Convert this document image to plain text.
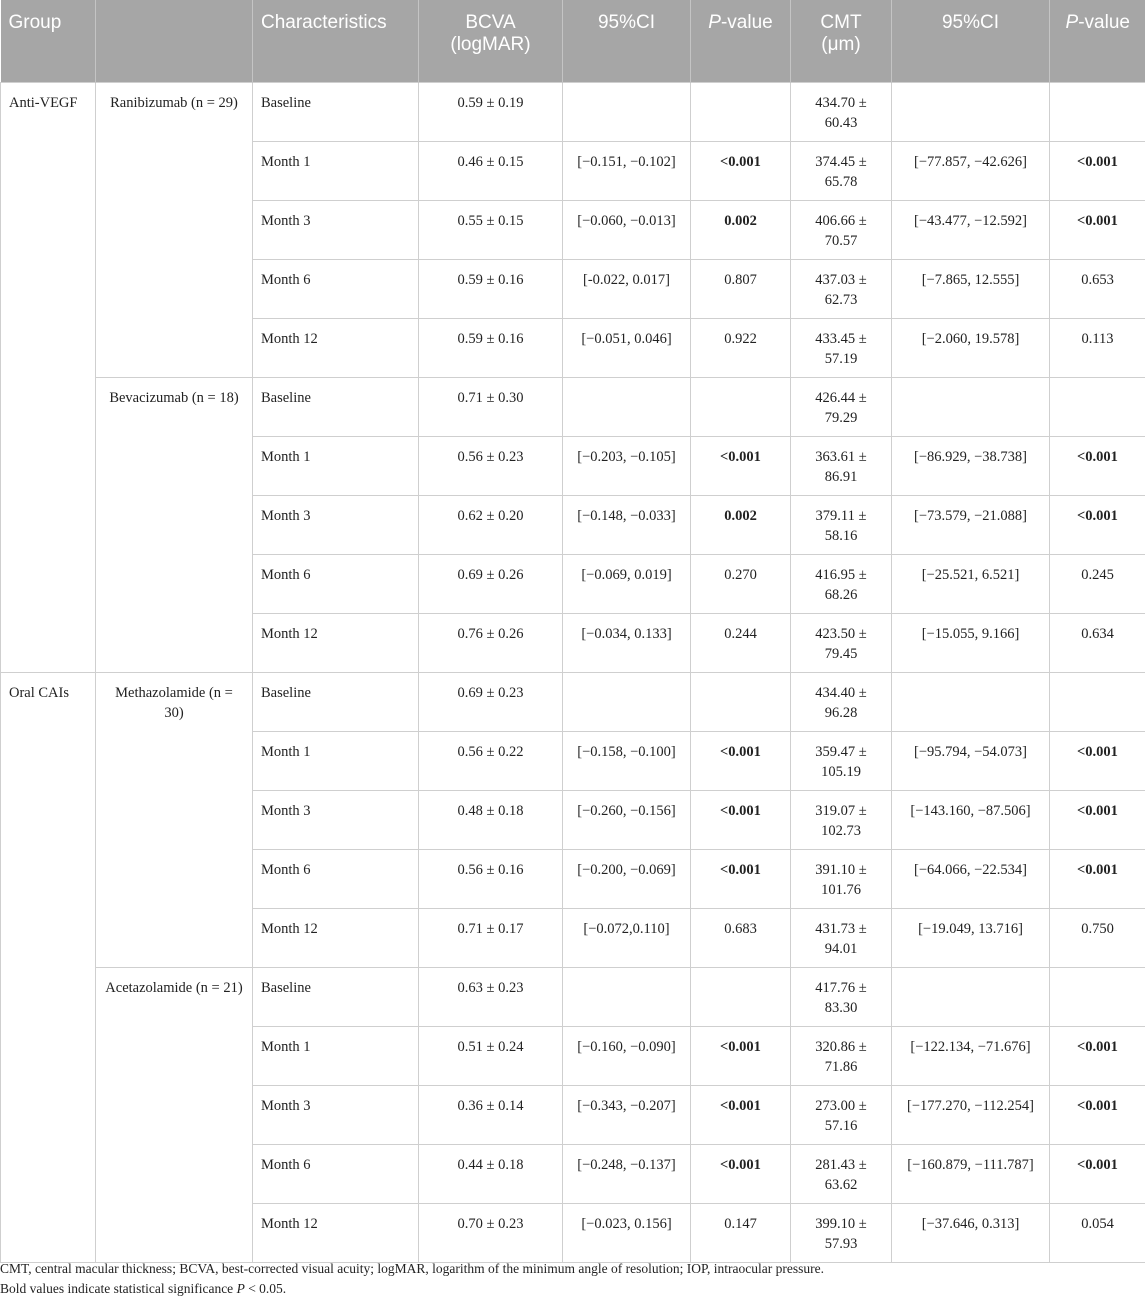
Group		Characteristics	BCVA (logMAR)	95%CI	P-value	CMT (μm)	95%CI	P-value
Anti-VEGF	Ranibizumab (n = 29)	Baseline	0.59 ± 0.19			434.70 ± 60.43		
		Month 1	0.46 ± 0.15	[−0.151, −0.102]	<0.001	374.45 ± 65.78	[−77.857, −42.626]	<0.001
		Month 3	0.55 ± 0.15	[−0.060, −0.013]	0.002	406.66 ± 70.57	[−43.477, −12.592]	<0.001
		Month 6	0.59 ± 0.16	[-0.022, 0.017]	0.807	437.03 ± 62.73	[−7.865, 12.555]	0.653
		Month 12	0.59 ± 0.16	[−0.051, 0.046]	0.922	433.45 ± 57.19	[−2.060, 19.578]	0.113
	Bevacizumab (n = 18)	Baseline	0.71 ± 0.30			426.44 ± 79.29		
		Month 1	0.56 ± 0.23	[−0.203, −0.105]	<0.001	363.61 ± 86.91	[−86.929, −38.738]	<0.001
		Month 3	0.62 ± 0.20	[−0.148, −0.033]	0.002	379.11 ± 58.16	[−73.579, −21.088]	<0.001
		Month 6	0.69 ± 0.26	[−0.069, 0.019]	0.270	416.95 ± 68.26	[−25.521, 6.521]	0.245
		Month 12	0.76 ± 0.26	[−0.034, 0.133]	0.244	423.50 ± 79.45	[−15.055, 9.166]	0.634
Oral CAIs	Methazolamide (n = 30)	Baseline	0.69 ± 0.23			434.40 ± 96.28		
		Month 1	0.56 ± 0.22	[−0.158, −0.100]	<0.001	359.47 ± 105.19	[−95.794, −54.073]	<0.001
		Month 3	0.48 ± 0.18	[−0.260, −0.156]	<0.001	319.07 ± 102.73	[−143.160, −87.506]	<0.001
		Month 6	0.56 ± 0.16	[−0.200, −0.069]	<0.001	391.10 ± 101.76	[−64.066, −22.534]	<0.001
		Month 12	0.71 ± 0.17	[−0.072,0.110]	0.683	431.73 ± 94.01	[−19.049, 13.716]	0.750
	Acetazolamide (n = 21)	Baseline	0.63 ± 0.23			417.76 ± 83.30		
		Month 1	0.51 ± 0.24	[−0.160, −0.090]	<0.001	320.86 ± 71.86	[−122.134, −71.676]	<0.001
		Month 3	0.36 ± 0.14	[−0.343, −0.207]	<0.001	273.00 ± 57.16	[−177.270, −112.254]	<0.001
		Month 6	0.44 ± 0.18	[−0.248, −0.137]	<0.001	281.43 ± 63.62	[−160.879, −111.787]	<0.001
		Month 12	0.70 ± 0.23	[−0.023, 0.156]	0.147	399.10 ± 57.93	[−37.646, 0.313]	0.054
CMT, central macular thickness; BCVA, best-corrected visual acuity; logMAR, logarithm of the minimum angle of resolution; IOP, intraocular pressure.
Bold values indicate statistical significance P < 0.05.
